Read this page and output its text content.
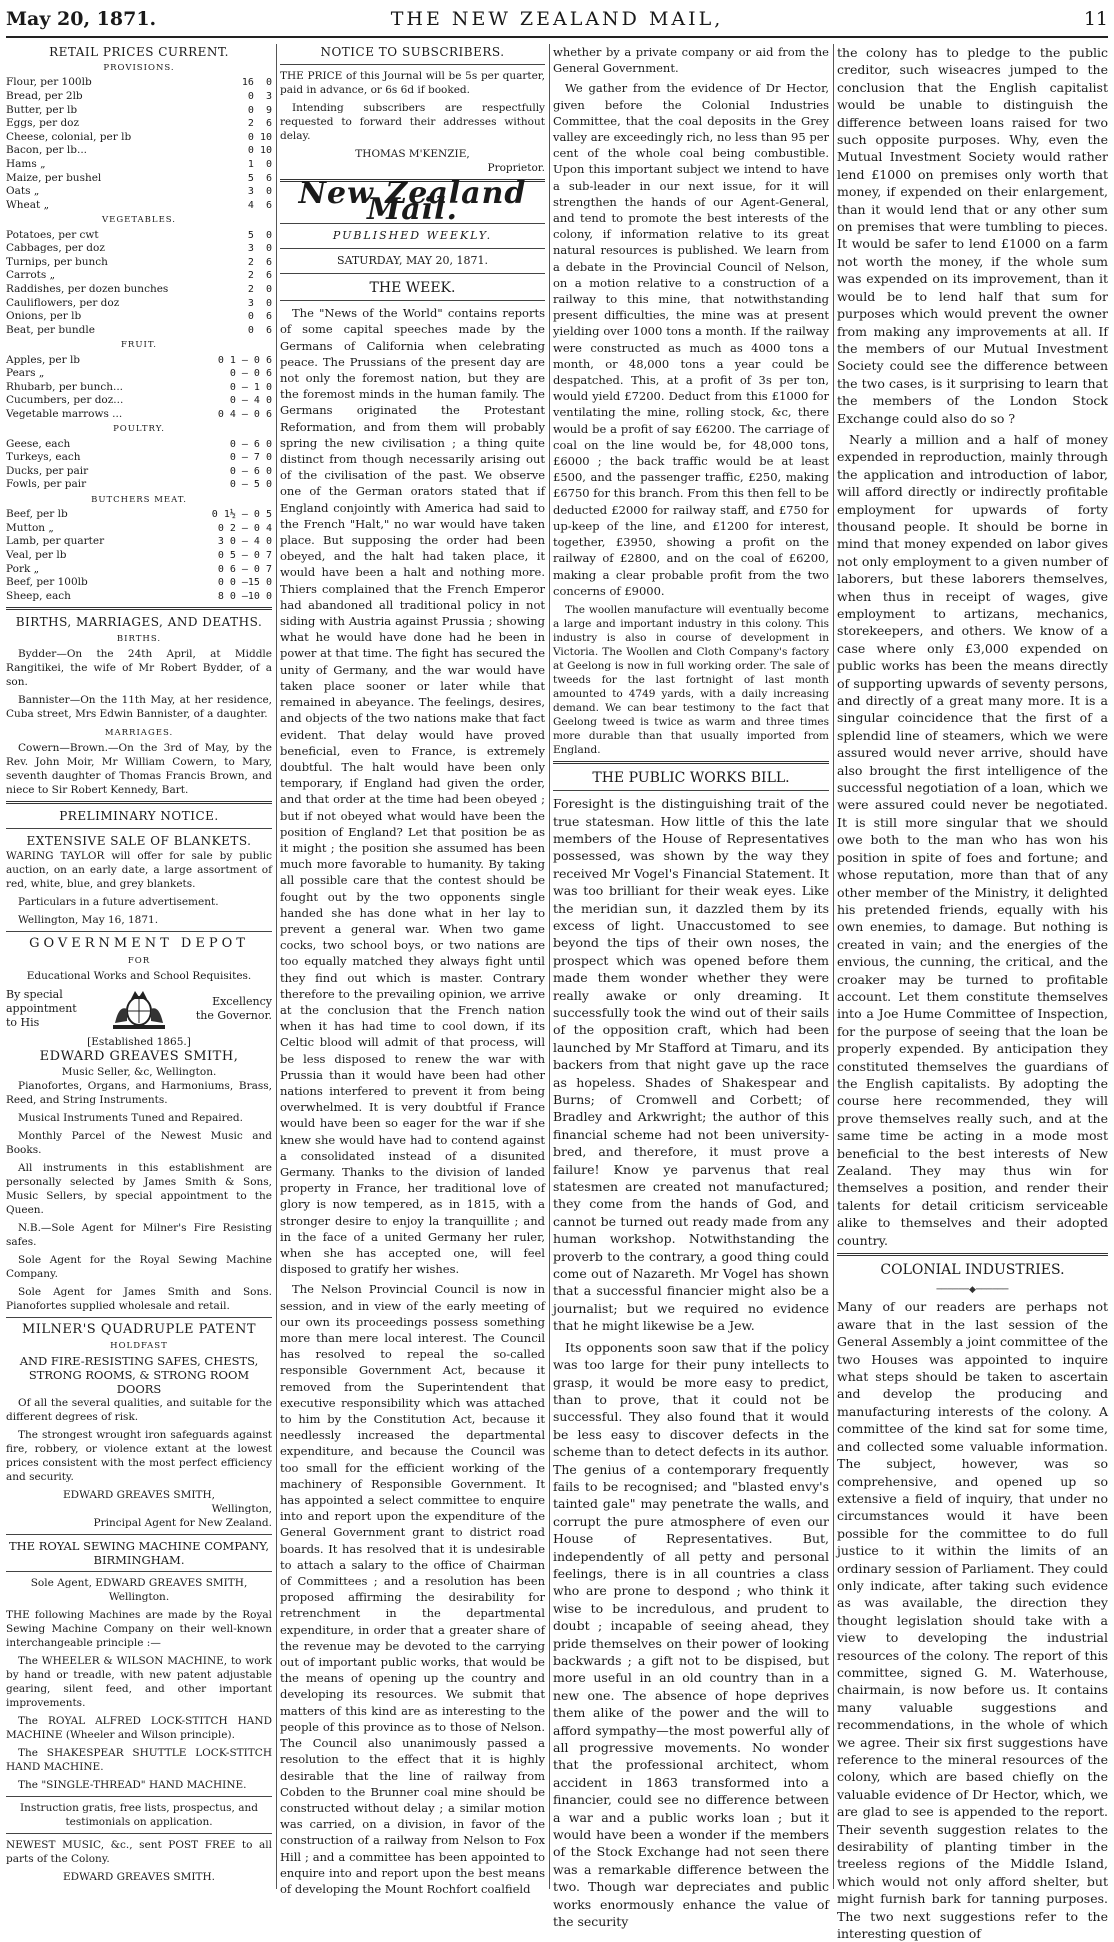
May 20, 1871.	THE NEW ZEALAND MAIL,	11
RETAIL PRICES CURRENT.
PROVISIONS.
Flour, per 100lb	16  0
Bread, per 2lb	0  3
Butter, per lb	0  9
Eggs, per doz	2  6
Cheese, colonial, per lb	0 10
Bacon, per lb...	0 10
Hams „	1  0
Maize, per bushel	5  6
Oats „	3  0
Wheat „	4  6
VEGETABLES.
Potatoes, per cwt	5  0
Cabbages, per doz	3  0
Turnips, per bunch	2  6
Carrots „	2  6
Raddishes, per dozen bunches	2  0
Cauliflowers, per doz	3  0
Onions, per lb	0  6
Beat, per bundle	0  6
FRUIT.
Apples, per lb	0 1 — 0 6
Pears „	0 — 0 6
Rhubarb, per bunch...	0 — 1 0
Cucumbers, per doz...	0 — 4 0
Vegetable marrows ...	0 4 — 0 6
POULTRY.
Geese, each	0 — 6 0
Turkeys, each	0 — 7 0
Ducks, per pair	0 — 6 0
Fowls, per pair	0 — 5 0
BUTCHERS MEAT.
Beef, per lb	0 1½ — 0 5
Mutton „	0 2 — 0 4
Lamb, per quarter	3 0 — 4 0
Veal, per lb	0 5 — 0 7
Pork „	0 6 — 0 7
Beef, per 100lb	0 0 —15 0
Sheep, each	8 0 —10 0
BIRTHS, MARRIAGES, AND DEATHS.
BIRTHS.

Bydder—On the 24th April, at Middle Rangitikei, the wife of Mr Robert Bydder, of a son.

Bannister—On the 11th May, at her residence, Cuba street, Mrs Edwin Bannister, of a daughter.

MARRIAGES.

Cowern—Brown.—On the 3rd of May, by the Rev. John Moir, Mr William Cowern, to Mary, seventh daughter of Thomas Francis Brown, and niece to Sir Robert Kennedy, Bart.

PRELIMINARY NOTICE.
EXTENSIVE SALE OF BLANKETS.

WARING TAYLOR will offer for sale by public auction, on an early date, a large assortment of red, white, blue, and grey blankets.

Particulars in a future advertisement.

Wellington, May 16, 1871.

GOVERNMENT DEPOT
FOR
Educational Works and School Requisites.
By special appointment to His
Excellency the Governor.
[Established 1865.]
EDWARD GREAVES SMITH,
Music Seller, &c, Wellington.

Pianofortes, Organs, and Harmoniums, Brass, Reed, and String Instruments.

Musical Instruments Tuned and Repaired.

Monthly Parcel of the Newest Music and Books.

All instruments in this establishment are personally selected by James Smith & Sons, Music Sellers, by special appointment to the Queen.

N.B.—Sole Agent for Milner's Fire Resisting safes.

Sole Agent for the Royal Sewing Machine Company.

Sole Agent for James Smith and Sons. Pianofortes supplied wholesale and retail.

MILNER'S QUADRUPLE PATENT
HOLDFAST
AND FIRE-RESISTING SAFES, CHESTS, STRONG ROOMS, & STRONG ROOM DOORS

Of all the several qualities, and suitable for the different degrees of risk.

The strongest wrought iron safeguards against fire, robbery, or violence extant at the lowest prices consistent with the most perfect efficiency and security.

EDWARD GREAVES SMITH,
Wellington,
Principal Agent for New Zealand.
THE ROYAL SEWING MACHINE COMPANY, BIRMINGHAM.

Sole Agent, EDWARD GREAVES SMITH, Wellington.

THE following Machines are made by the Royal Sewing Machine Company on their well-known interchangeable principle :—

The WHEELER & WILSON MACHINE, to work by hand or treadle, with new patent adjustable gearing, silent feed, and other important improvements.

The ROYAL ALFRED LOCK-STITCH HAND MACHINE (Wheeler and Wilson principle).

The SHAKESPEAR SHUTTLE LOCK-STITCH HAND MACHINE.

The "SINGLE-THREAD" HAND MACHINE.

Instruction gratis, free lists, prospectus, and testimonials on application.

NEWEST MUSIC, &c., sent POST FREE to all parts of the Colony.

EDWARD GREAVES SMITH.
NOTICE TO SUBSCRIBERS.

THE PRICE of this Journal will be 5s per quarter, paid in advance, or 6s 6d if booked.

Intending subscribers are respectfully requested to forward their addresses without delay.

THOMAS M'KENZIE,
Proprietor.
New Zealand Mail.
PUBLISHED WEEKLY.
SATURDAY, MAY 20, 1871.
THE WEEK.

The "News of the World" contains reports of some capital speeches made by the Germans of California when celebrating peace. The Prussians of the present day are not only the foremost nation, but they are the foremost minds in the human family. The Germans originated the Protestant Reformation, and from them will probably spring the new civilisation ; a thing quite distinct from though necessarily arising out of the civilisation of the past. We observe one of the German orators stated that if England conjointly with America had said to the French "Halt," no war would have taken place. But supposing the order had been obeyed, and the halt had taken place, it would have been a halt and nothing more. Thiers complained that the French Emperor had abandoned all traditional policy in not siding with Austria against Prussia ; showing what he would have done had he been in power at that time. The fight has secured the unity of Germany, and the war would have taken place sooner or later while that remained in abeyance. The feelings, desires, and objects of the two nations make that fact evident. That delay would have proved beneficial, even to France, is extremely doubtful. The halt would have been only temporary, if England had given the order, and that order at the time had been obeyed ; but if not obeyed what would have been the position of England? Let that position be as it might ; the position she assumed has been much more favorable to humanity. By taking all possible care that the contest should be fought out by the two opponents single handed she has done what in her lay to prevent a general war. When two game cocks, two school boys, or two nations are too equally matched they always fight until they find out which is master. Contrary therefore to the prevailing opinion, we arrive at the conclusion that the French nation when it has had time to cool down, if its Celtic blood will admit of that process, will be less disposed to renew the war with Prussia than it would have been had other nations interfered to prevent it from being overwhelmed. It is very doubtful if France would have been so eager for the war if she knew she would have had to contend against a consolidated instead of a disunited Germany. Thanks to the division of landed property in France, her traditional love of glory is now tempered, as in 1815, with a stronger desire to enjoy la tranquillite ; and in the face of a united Germany her ruler, when she has accepted one, will feel disposed to gratify her wishes.

The Nelson Provincial Council is now in session, and in view of the early meeting of our own its proceedings possess something more than mere local interest. The Council has resolved to repeal the so-called responsible Government Act, because it removed from the Superintendent that executive responsibility which was attached to him by the Constitution Act, because it needlessly increased the departmental expenditure, and because the Council was too small for the efficient working of the machinery of Responsible Government. It has appointed a select committee to enquire into and report upon the expenditure of the General Government grant to district road boards. It has resolved that it is undesirable to attach a salary to the office of Chairman of Committees ; and a resolution has been proposed affirming the desirability for retrenchment in the departmental expenditure, in order that a greater share of the revenue may be devoted to the carrying out of important public works, that would be the means of opening up the country and developing its resources. We submit that matters of this kind are as interesting to the people of this province as to those of Nelson. The Council also unanimously passed a resolution to the effect that it is highly desirable that the line of railway from Cobden to the Brunner coal mine should be constructed without delay ; a similar motion was carried, on a division, in favor of the construction of a railway from Nelson to Fox Hill ; and a committee has been appointed to enquire into and report upon the best means of developing the Mount Rochfort coalfield

whether by a private company or aid from the General Government.

We gather from the evidence of Dr Hector, given before the Colonial Industries Committee, that the coal deposits in the Grey valley are exceedingly rich, no less than 95 per cent of the whole coal being combustible. Upon this important subject we intend to have a sub-leader in our next issue, for it will strengthen the hands of our Agent-General, and tend to promote the best interests of the colony, if information relative to its great natural resources is published. We learn from a debate in the Provincial Council of Nelson, on a motion relative to a construction of a railway to this mine, that notwithstanding present difficulties, the mine was at present yielding over 1000 tons a month. If the railway were constructed as much as 4000 tons a month, or 48,000 tons a year could be despatched. This, at a profit of 3s per ton, would yield £7200. Deduct from this £1000 for ventilating the mine, rolling stock, &c, there would be a profit of say £6200. The carriage of coal on the line would be, for 48,000 tons, £6000 ; the back traffic would be at least £500, and the passenger traffic, £250, making £6750 for this branch. From this then fell to be deducted £2000 for railway staff, and £750 for up-keep of the line, and £1200 for interest, together, £3950, showing a profit on the railway of £2800, and on the coal of £6200, making a clear probable profit from the two concerns of £9000.

The woollen manufacture will eventually become a large and important industry in this colony. This industry is also in course of development in Victoria. The Woollen and Cloth Company's factory at Geelong is now in full working order. The sale of tweeds for the last fortnight of last month amounted to 4749 yards, with a daily increasing demand. We can bear testimony to the fact that Geelong tweed is twice as warm and three times more durable than that usually imported from England.

THE PUBLIC WORKS BILL.

Foresight is the distinguishing trait of the true statesman. How little of this the late members of the House of Representatives possessed, was shown by the way they received Mr Vogel's Financial Statement. It was too brilliant for their weak eyes. Like the meridian sun, it dazzled them by its excess of light. Unaccustomed to see beyond the tips of their own noses, the prospect which was opened before them made them wonder whether they were really awake or only dreaming. It successfully took the wind out of their sails of the opposition craft, which had been launched by Mr Stafford at Timaru, and its backers from that night gave up the race as hopeless. Shades of Shakespear and Burns; of Cromwell and Corbett; of Bradley and Arkwright; the author of this financial scheme had not been university-bred, and therefore, it must prove a failure! Know ye parvenus that real statesmen are created not manufactured; they come from the hands of God, and cannot be turned out ready made from any human workshop. Notwithstanding the proverb to the contrary, a good thing could come out of Nazareth. Mr Vogel has shown that a successful financier might also be a journalist; but we required no evidence that he might likewise be a Jew.

Its opponents soon saw that if the policy was too large for their puny intellects to grasp, it would be more easy to predict, than to prove, that it could not be successful. They also found that it would be less easy to discover defects in the scheme than to detect defects in its author. The genius of a contemporary frequently fails to be recognised; and "blasted envy's tainted gale" may penetrate the walls, and corrupt the pure atmosphere of even our House of Representatives. But, independently of all petty and personal feelings, there is in all countries a class who are prone to despond ; who think it wise to be incredulous, and prudent to doubt ; incapable of seeing ahead, they pride themselves on their power of looking backwards ; a gift not to be dispised, but more useful in an old country than in a new one. The absence of hope deprives them alike of the power and the will to afford sympathy—the most powerful ally of all progressive movements. No wonder that the professional architect, whom accident in 1863 transformed into a financier, could see no difference between a war and a public works loan ; but it would have been a wonder if the members of the Stock Exchange had not seen there was a remarkable difference between the two. Though war depreciates and public works enormously enhance the value of the security

the colony has to pledge to the public creditor, such wiseacres jumped to the conclusion that the English capitalist would be unable to distinguish the difference between loans raised for two such opposite purposes. Why, even the Mutual Investment Society would rather lend £1000 on premises only worth that money, if expended on their enlargement, than it would lend that or any other sum on premises that were tumbling to pieces. It would be safer to lend £1000 on a farm not worth the money, if the whole sum was expended on its improvement, than it would be to lend half that sum for purposes which would prevent the owner from making any improvements at all. If the members of our Mutual Investment Society could see the difference between the two cases, is it surprising to learn that the members of the London Stock Exchange could also do so ?

Nearly a million and a half of money expended in reproduction, mainly through the application and introduction of labor, will afford directly or indirectly profitable employment for upwards of forty thousand people. It should be borne in mind that money expended on labor gives not only employment to a given number of laborers, but these laborers themselves, when thus in receipt of wages, give employment to artizans, mechanics, storekeepers, and others. We know of a case where only £3,000 expended on public works has been the means directly of supporting upwards of seventy persons, and directly of a great many more. It is a singular coincidence that the first of a splendid line of steamers, which we were assured would never arrive, should have also brought the first intelligence of the successful negotiation of a loan, which we were assured could never be negotiated. It is still more singular that we should owe both to the man who has won his position in spite of foes and fortune; and whose reputation, more than that of any other member of the Ministry, it delighted his pretended friends, equally with his own enemies, to damage. But nothing is created in vain; and the energies of the envious, the cunning, the critical, and the croaker may be turned to profitable account. Let them constitute themselves into a Joe Hume Committee of Inspection, for the purpose of seeing that the loan be properly expended. By anticipation they constituted themselves the guardians of the English capitalists. By adopting the course here recommended, they will prove themselves really such, and at the same time be acting in a mode most beneficial to the best interests of New Zealand. They may thus win for themselves a position, and render their talents for detail criticism serviceable alike to themselves and their adopted country.

COLONIAL INDUSTRIES.
──────◆──────

Many of our readers are perhaps not aware that in the last session of the General Assembly a joint committee of the two Houses was appointed to inquire what steps should be taken to ascertain and develop the producing and manufacturing interests of the colony. A committee of the kind sat for some time, and collected some valuable information. The subject, however, was so comprehensive, and opened up so extensive a field of inquiry, that under no circumstances would it have been possible for the committee to do full justice to it within the limits of an ordinary session of Parliament. They could only indicate, after taking such evidence as was available, the direction they thought legislation should take with a view to developing the industrial resources of the colony. The report of this committee, signed G. M. Waterhouse, chairmain, is now before us. It contains many valuable suggestions and recommendations, in the whole of which we agree. Their six first suggestions have reference to the mineral resources of the colony, which are based chiefly on the valuable evidence of Dr Hector, which, we are glad to see is appended to the report. Their seventh suggestion relates to the desirability of planting timber in the treeless regions of the Middle Island, which would not only afford shelter, but might furnish bark for tanning purposes. The two next suggestions refer to the interesting question of
